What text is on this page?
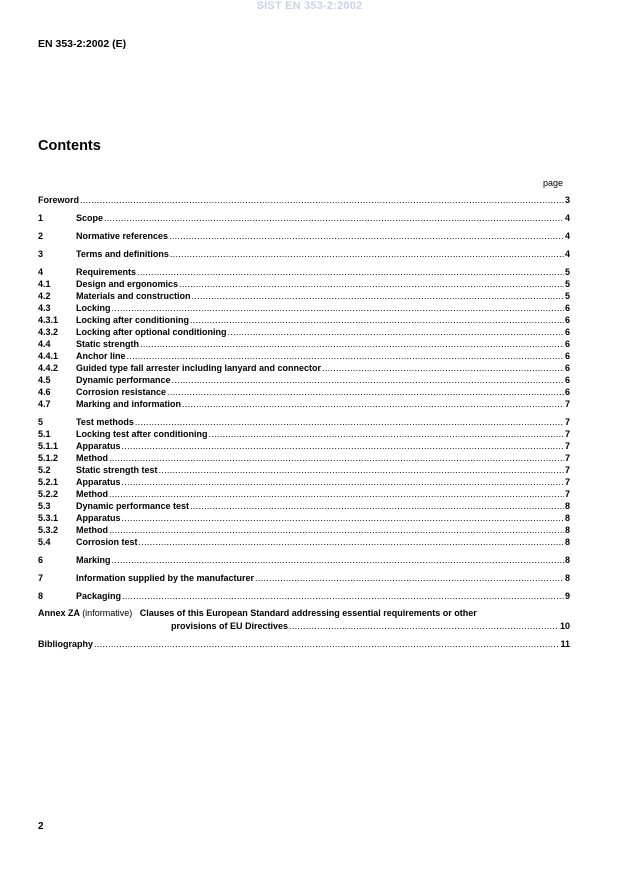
SIST EN 353-2:2002
EN 353-2:2002 (E)
Contents
page
Foreword .....	3
1	Scope .....	4
2	Normative references .....	4
3	Terms and definitions .....	4
4	Requirements .....	5
4.1	Design and ergonomics .....	5
4.2	Materials and construction .....	5
4.3	Locking .....	6
4.3.1	Locking after conditioning .....	6
4.3.2	Locking after optional conditioning .....	6
4.4	Static strength .....	6
4.4.1	Anchor line .....	6
4.4.2	Guided type fall arrester including lanyard and connector .....	6
4.5	Dynamic performance .....	6
4.6	Corrosion resistance .....	6
4.7	Marking and information .....	7
5	Test methods .....	7
5.1	Locking test after conditioning .....	7
5.1.1	Apparatus .....	7
5.1.2	Method .....	7
5.2	Static strength test .....	7
5.2.1	Apparatus .....	7
5.2.2	Method .....	7
5.3	Dynamic performance test .....	8
5.3.1	Apparatus .....	8
5.3.2	Method .....	8
5.4	Corrosion test .....	8
6	Marking .....	8
7	Information supplied by the manufacturer .....	8
8	Packaging .....	9
Annex ZA (informative) Clauses of this European Standard addressing essential requirements or other
provisions of EU Directives .....	10
Bibliography .....	11
2
